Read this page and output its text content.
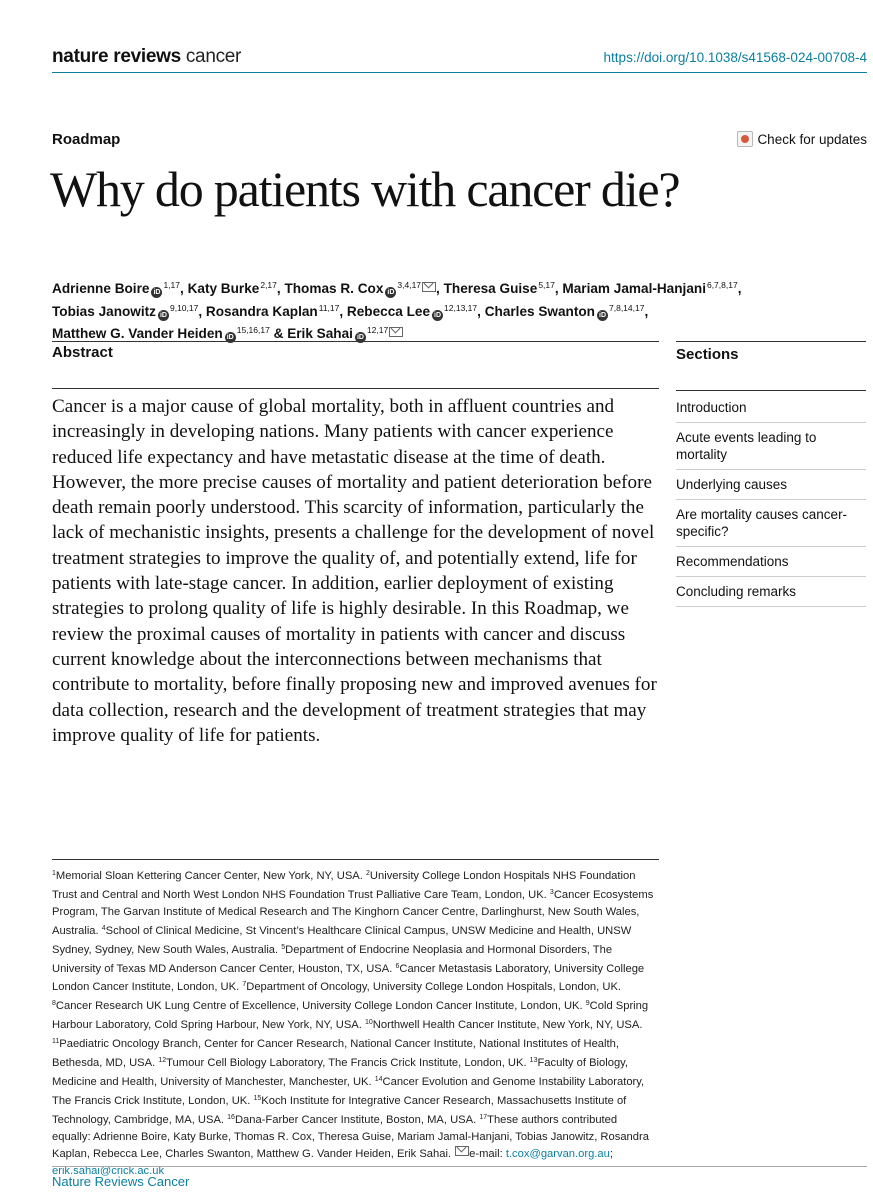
nature reviews cancer	https://doi.org/10.1038/s41568-024-00708-4
Roadmap	Check for updates
Why do patients with cancer die?
Adrienne Boire iD$^{1,17}$, Katy Burke$^{2,17}$, Thomas R. Cox iD$^{3,4,17}$ , Theresa Guise$^{5,17}$, Mariam Jamal-Hanjani$^{6,7,8,17}$, Tobias Janowitz iD$^{9,10,17}$, Rosandra Kaplan$^{11,17}$, Rebecca Lee iD$^{12,13,17}$, Charles Swanton iD$^{7,8,14,17}$, Matthew G. Vander Heiden iD$^{15,16,17}$ & Erik Sahai iD$^{12,17}$
Abstract
Cancer is a major cause of global mortality, both in affluent countries and increasingly in developing nations. Many patients with cancer experience reduced life expectancy and have metastatic disease at the time of death. However, the more precise causes of mortality and patient deterioration before death remain poorly understood. This scarcity of information, particularly the lack of mechanistic insights, presents a challenge for the development of novel treatment strategies to improve the quality of, and potentially extend, life for patients with late-stage cancer. In addition, earlier deployment of existing strategies to prolong quality of life is highly desirable. In this Roadmap, we review the proximal causes of mortality in patients with cancer and discuss current knowledge about the interconnections between mechanisms that contribute to mortality, before finally proposing new and improved avenues for data collection, research and the development of treatment strategies that may improve quality of life for patients.
Sections
Introduction
Acute events leading to mortality
Underlying causes
Are mortality causes cancer-specific?
Recommendations
Concluding remarks
$^1$Memorial Sloan Kettering Cancer Center, New York, NY, USA. $^2$University College London Hospitals NHS Foundation Trust and Central and North West London NHS Foundation Trust Palliative Care Team, London, UK. $^3$Cancer Ecosystems Program, The Garvan Institute of Medical Research and The Kinghorn Cancer Centre, Darlinghurst, New South Wales, Australia. $^4$School of Clinical Medicine, St Vincent’s Healthcare Clinical Campus, UNSW Medicine and Health, UNSW Sydney, Sydney, New South Wales, Australia. $^5$Department of Endocrine Neoplasia and Hormonal Disorders, The University of Texas MD Anderson Cancer Center, Houston, TX, USA. $^6$Cancer Metastasis Laboratory, University College London Cancer Institute, London, UK. $^7$Department of Oncology, University College London Hospitals, London, UK. $^8$Cancer Research UK Lung Centre of Excellence, University College London Cancer Institute, London, UK. $^9$Cold Spring Harbour Laboratory, Cold Spring Harbour, New York, NY, USA. $^{10}$Northwell Health Cancer Institute, New York, NY, USA. $^{11}$Paediatric Oncology Branch, Center for Cancer Research, National Cancer Institute, National Institutes of Health, Bethesda, MD, USA. $^{12}$Tumour Cell Biology Laboratory, The Francis Crick Institute, London, UK. $^{13}$Faculty of Biology, Medicine and Health, University of Manchester, Manchester, UK. $^{14}$Cancer Evolution and Genome Instability Laboratory, The Francis Crick Institute, London, UK. $^{15}$Koch Institute for Integrative Cancer Research, Massachusetts Institute of Technology, Cambridge, MA, USA. $^{16}$Dana-Farber Cancer Institute, Boston, MA, USA. $^{17}$These authors contributed equally: Adrienne Boire, Katy Burke, Thomas R. Cox, Theresa Guise, Mariam Jamal-Hanjani, Tobias Janowitz, Rosandra Kaplan, Rebecca Lee, Charles Swanton, Matthew G. Vander Heiden, Erik Sahai. e-mail: t.cox@garvan.org.au; erik.sahai@crick.ac.uk
Nature Reviews Cancer
